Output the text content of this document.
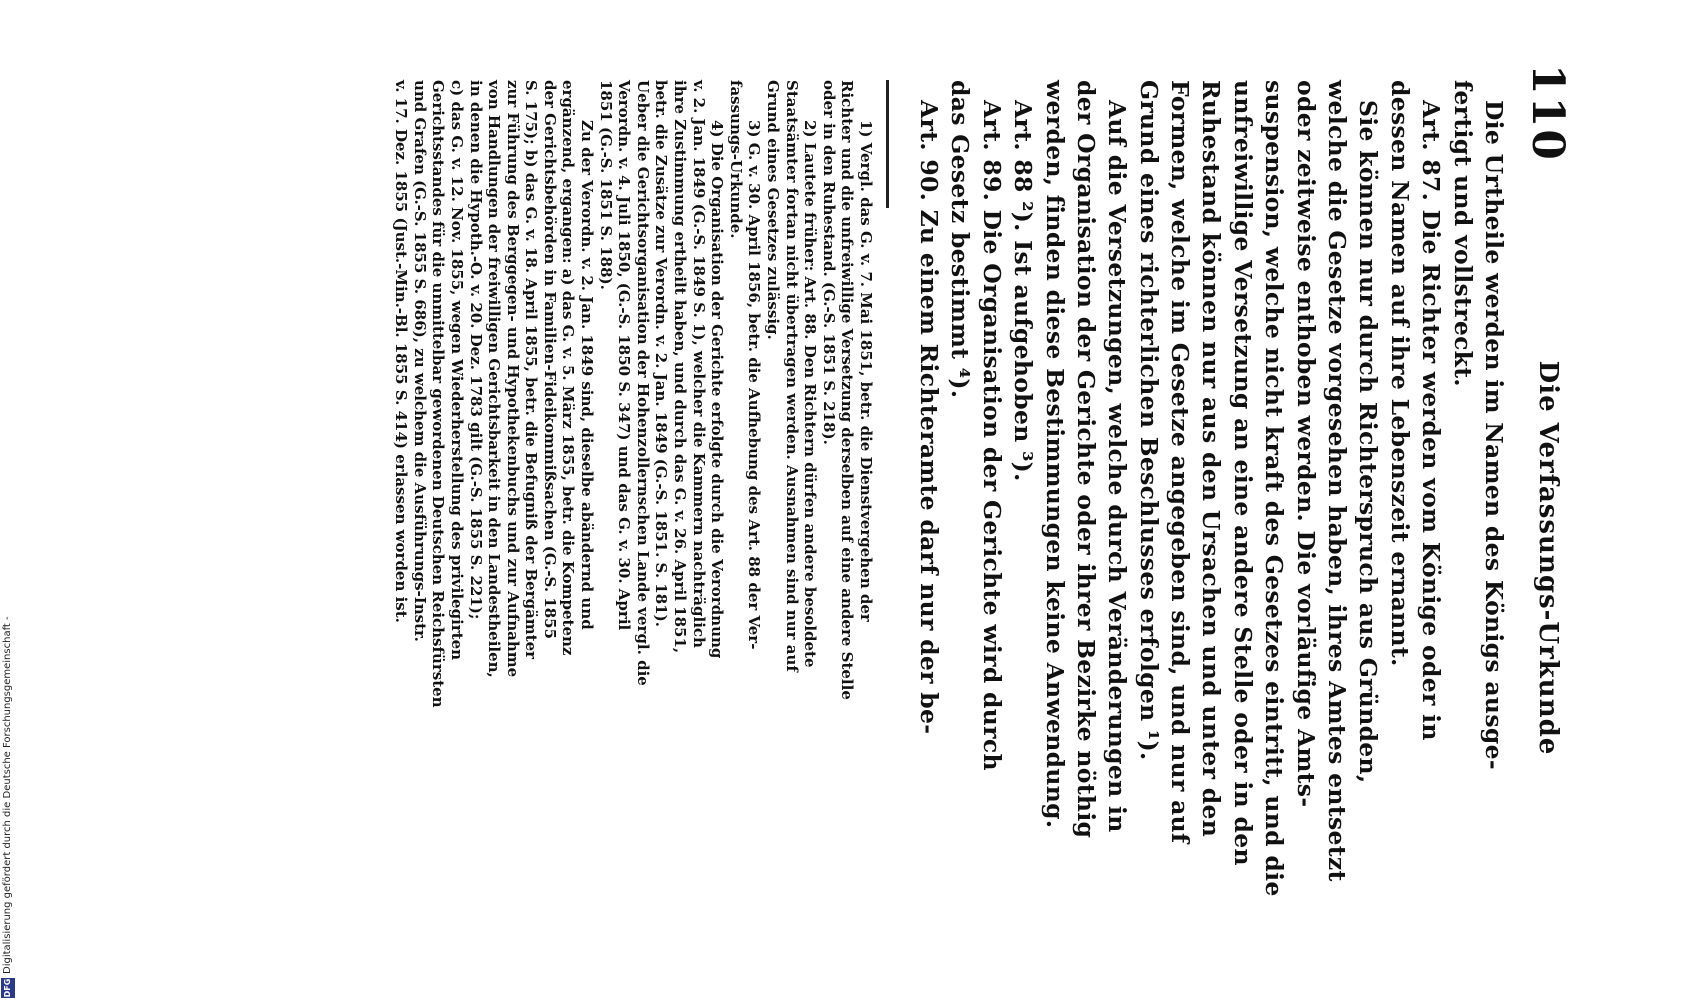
110
Die Verfassungs-Urkunde
Die Urtheile werden im Namen des Königs ausge-
fertigt und vollstreckt.
Art. 87. Die Richter werden vom Könige oder in
dessen Namen auf ihre Lebenszeit ernannt.
Sie können nur durch Richterspruch aus Gründen,
welche die Gesetze vorgesehen haben, ihres Amtes entsetzt
oder zeitweise enthoben werden. Die vorläufige Amts-
suspension, welche nicht kraft des Gesetzes eintritt, und die
unfreiwillige Versetzung an eine andere Stelle oder in den
Ruhestand können nur aus den Ursachen und unter den
Formen, welche im Gesetze angegeben sind, und nur auf
Grund eines richterlichen Beschlusses erfolgen ¹).
Auf die Versetzungen, welche durch Veränderungen in
der Organisation der Gerichte oder ihrer Bezirke nöthig
werden, finden diese Bestimmungen keine Anwendung.
Art. 88 ²). Ist aufgehoben ³).
Art. 89. Die Organisation der Gerichte wird durch
das Gesetz bestimmt ⁴).
Art. 90. Zu einem Richteramte darf nur der be-
1) Vergl. das G. v. 7. Mai 1851, betr. die Dienstvergehen der
Richter und die unfreiwillige Versetzung derselben auf eine andere Stelle
oder in den Ruhestand. (G.-S. 1851 S. 218).
2) Lautete früher: Art. 88. Den Richtern dürfen andere besoldete
Staatsämter fortan nicht übertragen werden. Ausnahmen sind nur auf
Grund eines Gesetzes zulässig.
3) G. v. 30. April 1856, betr. die Aufhebung des Art. 88 der Ver-
fassungs-Urkunde.
4) Die Organisation der Gerichte erfolgte durch die Verordnung
v. 2. Jan. 1849 (G.-S. 1849 S. 1), welcher die Kammern nachträglich
ihre Zustimmung ertheilt haben, und durch das G. v. 26. April 1851,
betr. die Zusätze zur Verordn. v. 2. Jan. 1849 (G.-S. 1851. S. 181).
Ueber die Gerichtsorganisation der Hohenzollernschen Lande vergl. die
Verordn. v. 4. Juli 1850, (G.-S. 1850 S. 347) und das G. v. 30. April
1851 (G.-S. 1851 S. 188).
Zu der Verordn. v. 2. Jan. 1849 sind, dieselbe abändernd und
ergänzend, ergangen: a) das G. v. 5. März 1855, betr. die Kompetenz
der Gerichtsbehörden in Familien-Fideikommißsachen (G.-S. 1855
S. 175); b) das G. v. 18. April 1855, betr. die Befugniß der Bergämter
zur Führung des Berggegen- und Hypothekenbuchs und zur Aufnahme
von Handlungen der freiwilligen Gerichtsbarkeit in den Landestheilen,
in denen die Hypoth.-O. v. 20. Dez. 1783 gilt (G.-S. 1855 S. 221);
c) das G. v. 12. Nov. 1855, wegen Wiederherstellung des privilegirten
Gerichtsstandes für die unmittelbar gewordenen Deutschen Reichsfürsten
und Grafen (G.-S. 1855 S. 686), zu welchem die Ausführungs-Instr.
v. 17. Dez. 1855 (Just.-Min.-Bl. 1855 S. 414) erlassen worden ist.
DFG
Digitalisierung gefördert durch die Deutsche Forschungsgemeinschaft -
